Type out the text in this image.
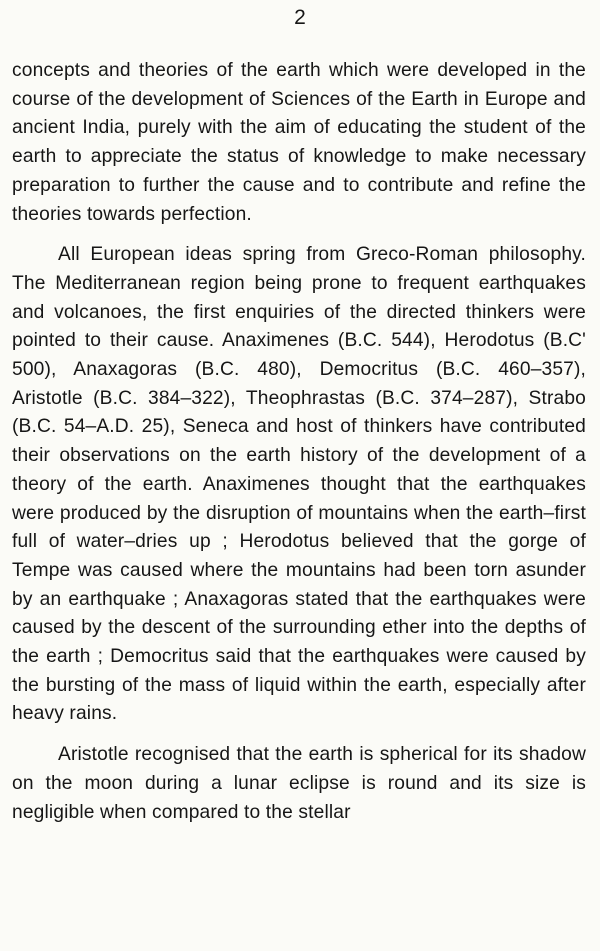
2

concepts and theories of the earth which were developed in the course of the development of Sciences of the Earth in Europe and ancient India, purely with the aim of educating the student of the earth to appreciate the status of knowledge to make necessary preparation to further the cause and to contribute and refine the theories towards perfection.

All European ideas spring from Greco-Roman philosophy. The Mediterranean region being prone to frequent earthquakes and volcanoes, the first enquiries of the directed thinkers were pointed to their cause. Anaximenes (B.C. 544), Herodotus (B.C' 500), Anaxagoras (B.C. 480), Democritus (B.C. 460–357), Aristotle (B.C. 384–322), Theophrastas (B.C. 374–287), Strabo (B.C. 54–A.D. 25), Seneca and host of thinkers have contributed their observations on the earth history of the development of a theory of the earth. Anaximenes thought that the earthquakes were produced by the disruption of mountains when the earth–first full of water–dries up ; Herodotus believed that the gorge of Tempe was caused where the mountains had been torn asunder by an earthquake ; Anaxagoras stated that the earthquakes were caused by the descent of the surrounding ether into the depths of the earth ; Democritus said that the earthquakes were caused by the bursting of the mass of liquid within the earth, especially after heavy rains.

Aristotle recognised that the earth is spherical for its shadow on the moon during a lunar eclipse is round and its size is negligible when compared to the stellar
